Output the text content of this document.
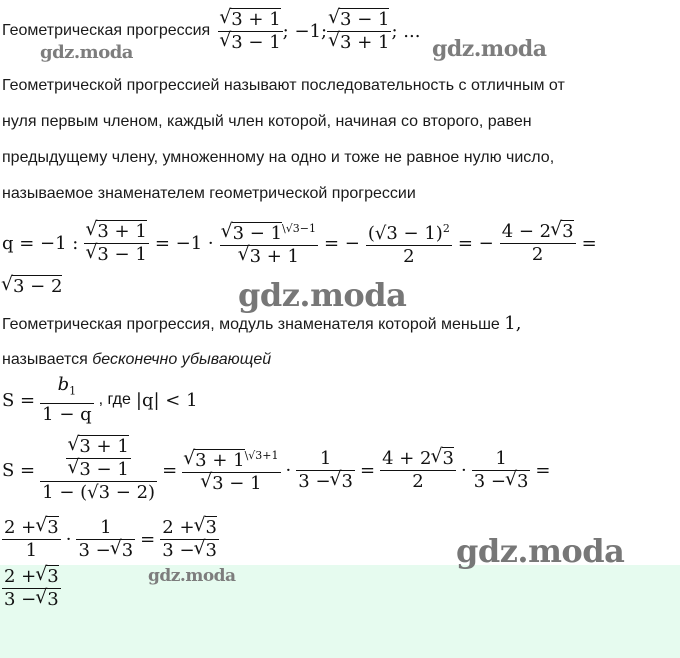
Геометрическая прогрессия √ 3 + 1
√ 3 − 1 ; −1; √ 3 − 1
√ 3 + 1 ; ...
Геометрической прогрессией называют последовательность с отличным от
нуля первым членом, каждый член которой, начиная со второго, равен
предыдущему члену, умноженному на одно и тоже не равное нулю число,
называемое знаменателем геометрической прогрессии
q = −1 : √ 3 + 1
√ 3 − 1 = −1 · √ $3 - 1^{\backslash√3-1}$
√ 3 + 1 = − $\frac{(√3 - 1)^2}{2}$ = − $\frac{4 - 2 √ 3}{2}$ =
√ 3 − 2
Геометрическая прогрессия, модуль знаменателя которой меньше 1,
называется бесконечно убывающей
$S = \frac{b_1}{1 - q}$ , где |q| < 1
S = √ 3 + 1
√ 3 − 1
1 − (√3 − 2) = √ $3 + 1^{\backslash√3+1}$
√ $3 - 1 \cdot \frac{1}{3 - √ 3} = \frac{4 + 2 √ 3}{2} \cdot \frac{1}{3 - √ 3}$ =
$\frac{2 + √ 3}{1} \cdot \frac{1}{3 - √ 3} = \frac{2 + √ 3}{3 - √ 3}$
$\frac{2 + √ 3}{3 - √ 3}$
gdz.moda	gdz.moda
gdz.moda
gdz.moda
gdz.moda
